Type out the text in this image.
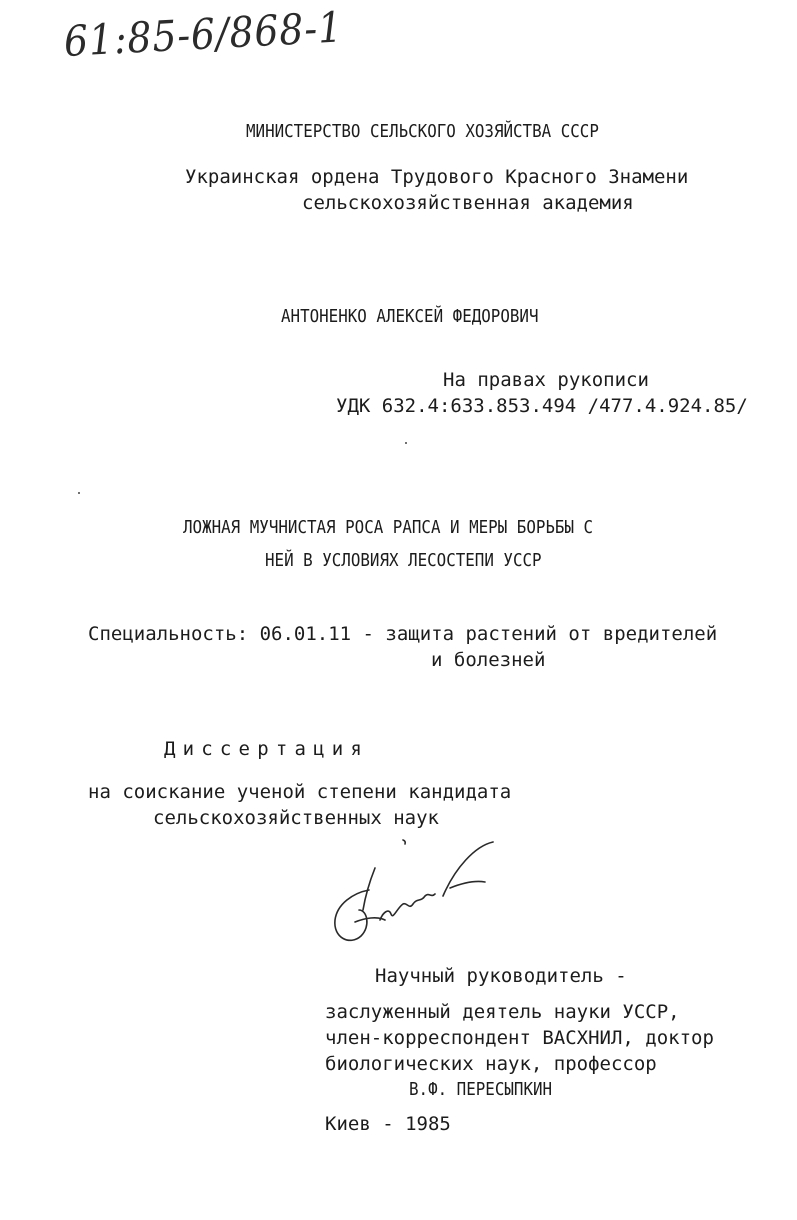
61:85-6/868-1
МИНИСТЕРСТВО СЕЛЬСКОГО ХОЗЯЙСТВА СССР
Украинская ордена Трудового Красного Знамени
сельскохозяйственная академия
АНТОНЕНКО АЛЕКСЕЙ ФЕДОРОВИЧ
На правах рукописи
УДК 632.4:633.853.494 /477.4.924.85/
ЛОЖНАЯ МУЧНИСТАЯ РОСА РАПСА И МЕРЫ БОРЬБЫ С
НЕЙ В УСЛОВИЯХ ЛЕСОСТЕПИ УССР
Специальность: 06.01.11 - защита растений от вредителей
и болезней
Диссертация
на соискание ученой степени кандидата
сельскохозяйственных наук
Научный руководитель -
заслуженный деятель науки УССР,
член-корреспондент ВАСХНИЛ, доктор
биологических наук, профессор
В.Ф. ПЕРЕСЫПКИН
Киев - 1985
